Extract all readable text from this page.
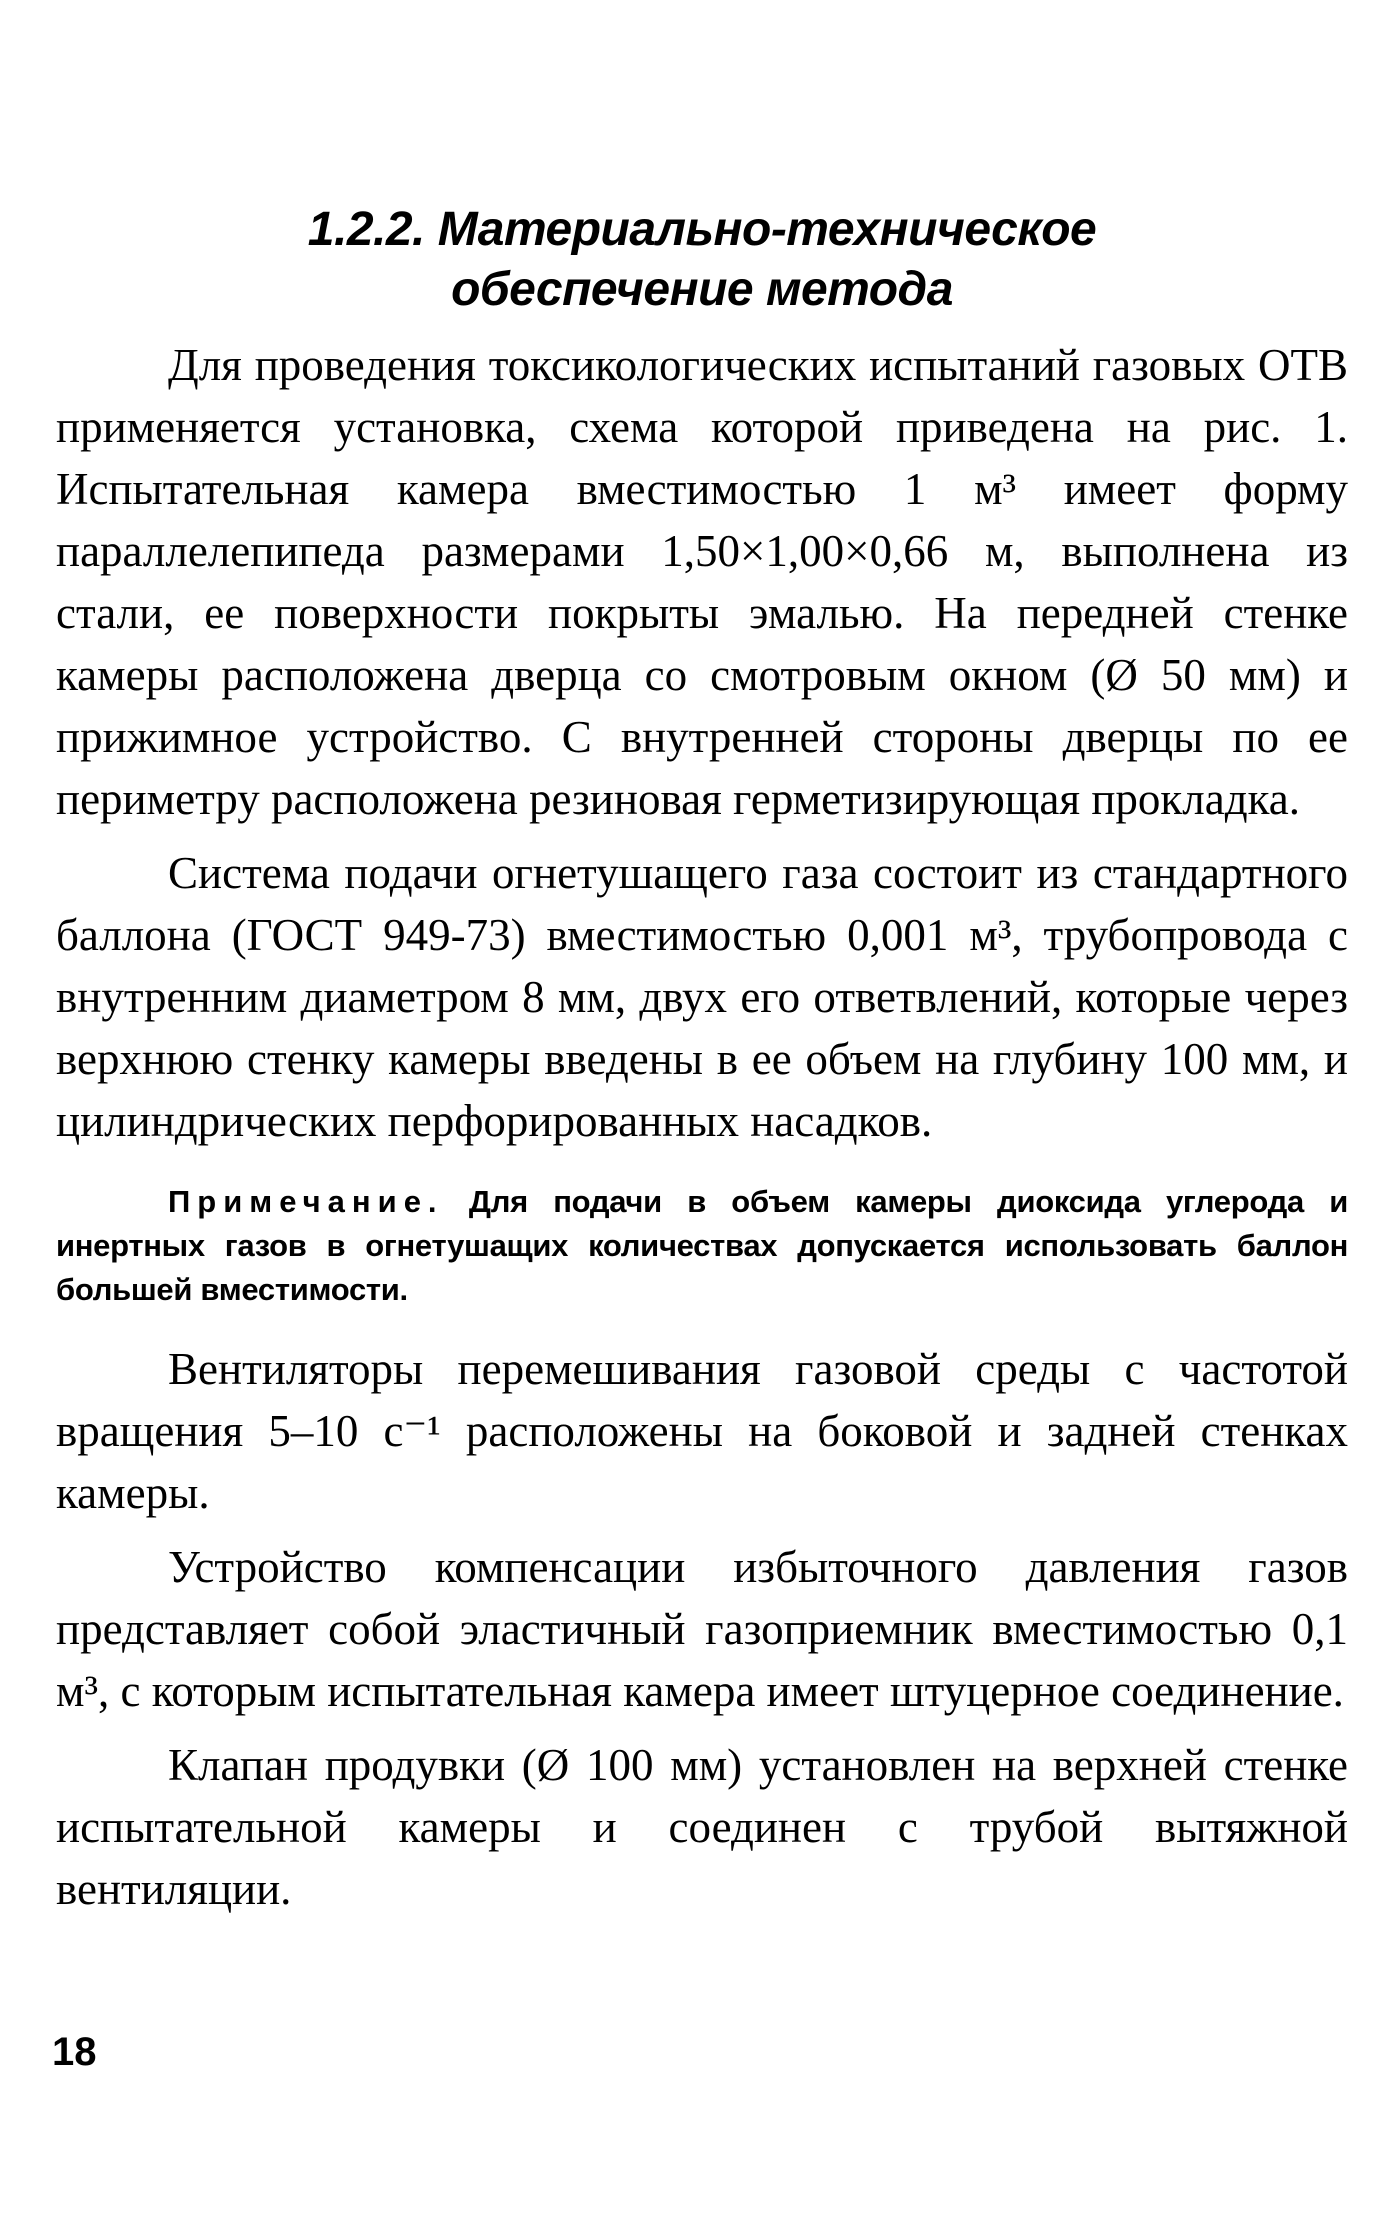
1.2.2. Материально-техническое
обеспечение метода

Для проведения токсикологических испытаний газовых ОТВ применяется установка, схема которой приведена на рис. 1. Испытательная камера вместимостью 1 м³ имеет форму параллелепипеда размерами 1,50×1,00×0,66 м, выполнена из стали, ее поверхности покрыты эмалью. На передней стенке камеры расположена дверца со смотровым окном (Ø 50 мм) и прижимное устройство. С внутренней стороны дверцы по ее периметру расположена резиновая герметизирующая прокладка.

Система подачи огнетушащего газа состоит из стандартного баллона (ГОСТ 949-73) вместимостью 0,001 м³, трубопровода с внутренним диаметром 8 мм, двух его ответвлений, которые через верхнюю стенку камеры введены в ее объем на глубину 100 мм, и цилиндрических перфорированных насадков.

Примечание. Для подачи в объем камеры диоксида углерода и инертных газов в огнетушащих количествах допускается использовать баллон большей вместимости.

Вентиляторы перемешивания газовой среды с частотой вращения 5–10 с⁻¹ расположены на боковой и задней стенках камеры.

Устройство компенсации избыточного давления газов представляет собой эластичный газоприемник вместимостью 0,1 м³, с которым испытательная камера имеет штуцерное соединение.

Клапан продувки (Ø 100 мм) установлен на верхней стенке испытательной камеры и соединен с трубой вытяжной вентиляции.

18
